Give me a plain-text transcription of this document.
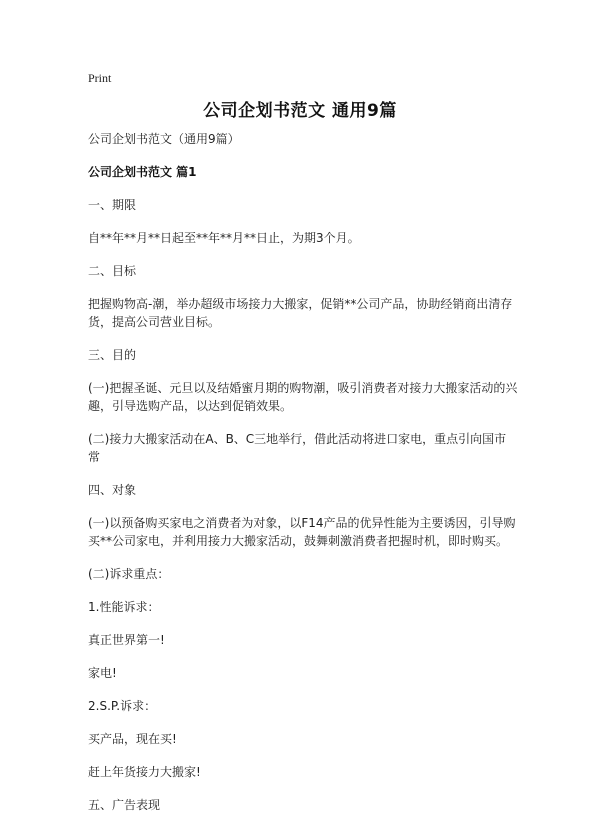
Print
公司企划书范文 通用9篇

公司企划书范文（通用9篇）

公司企划书范文 篇1

一、期限

自**年**月**日起至**年**月**日止，为期3个月。

二、目标

把握购物高-潮，举办超级市场接力大搬家，促销**公司产品，协助经销商出清存货，提高公司营业目标。

三、目的

(一)把握圣诞、元旦以及结婚蜜月期的购物潮，吸引消费者对接力大搬家活动的兴趣，引导选购产品，以达到促销效果。

(二)接力大搬家活动在A、B、C三地举行，借此活动将进口家电，重点引向国市常

四、对象

(一)以预备购买家电之消费者为对象，以F14产品的优异性能为主要诱因，引导购买**公司家电，并利用接力大搬家活动，鼓舞刺激消费者把握时机，即时购买。

(二)诉求重点：

1.性能诉求：

真正世界第一!

家电!

2.S.P.诉求：

买产品，现在买!

赶上年货接力大搬家!

五、广告表现
